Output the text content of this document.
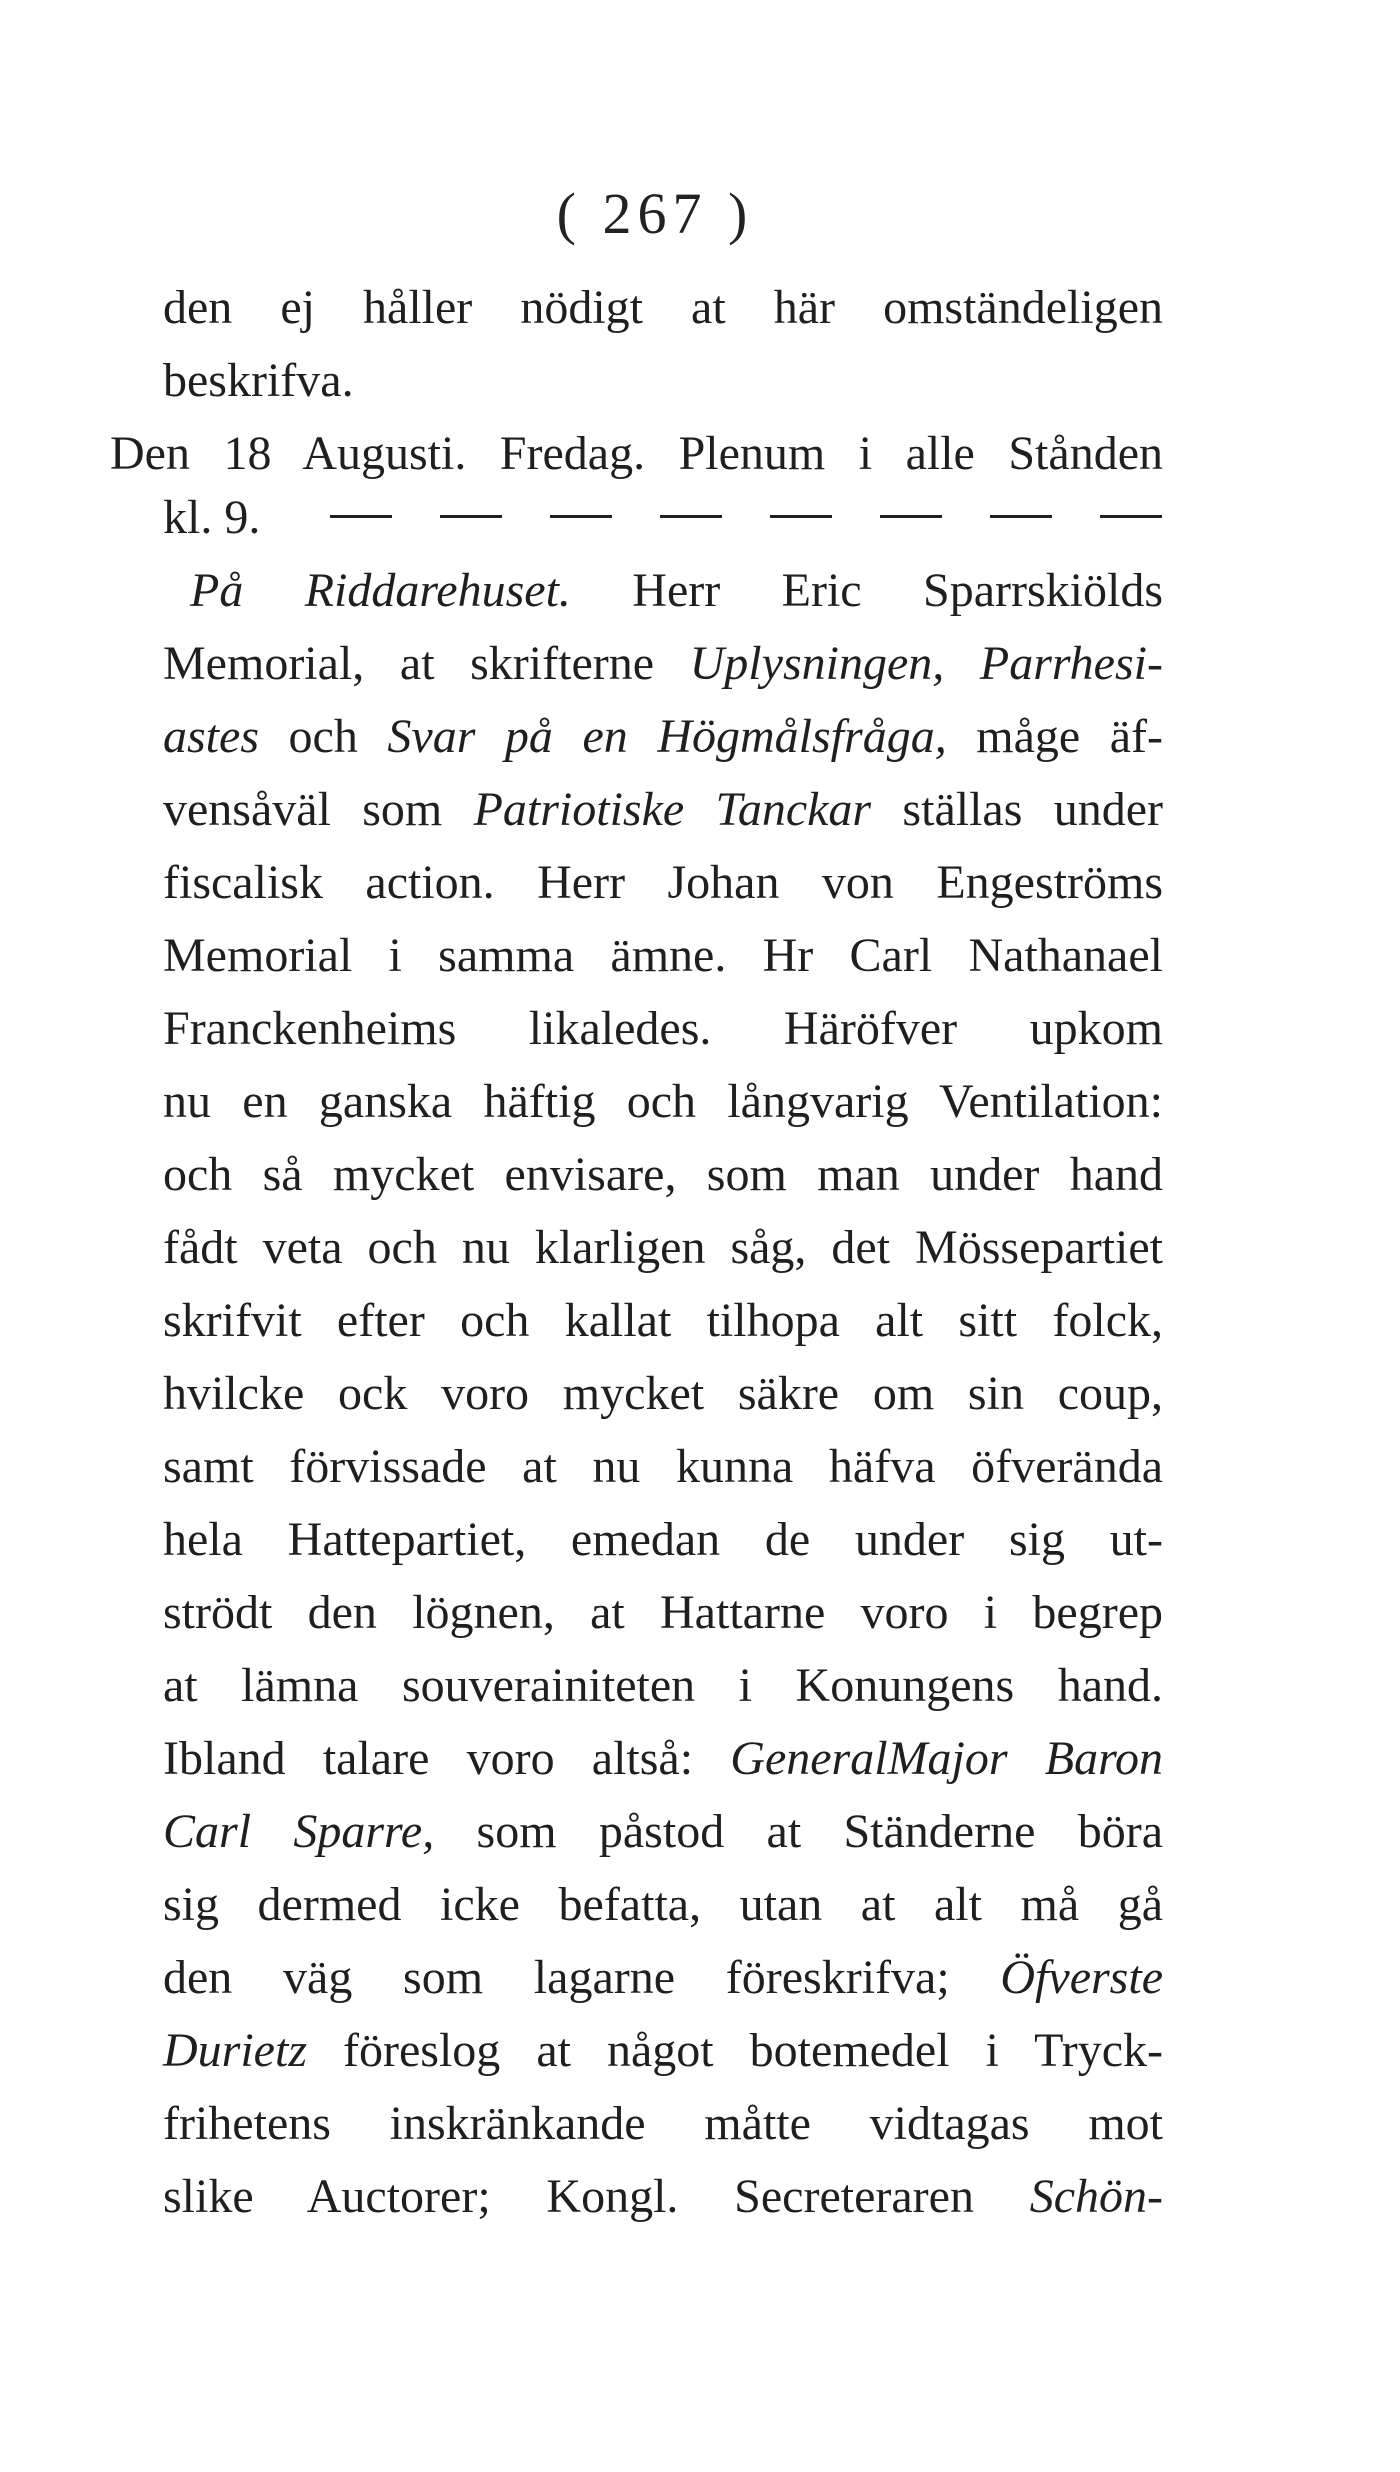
( 267 )
den ej håller nödigt at här omständeligen
beskrifva.
Den 18 Augusti. Fredag. Plenum i alle Stånden
kl. 9.
På Riddarehuset. Herr Eric Sparrskiölds
Memorial, at skrifterne Uplysningen, Parrhesi-
astes och Svar på en Högmålsfråga, måge äf-
vensåväl som Patriotiske Tanckar ställas under
fiscalisk action. Herr Johan von Engeströms
Memorial i samma ämne. Hr Carl Nathanael
Franckenheims likaledes. Häröfver upkom
nu en ganska häftig och långvarig Ventilation:
och så mycket envisare, som man under hand
fådt veta och nu klarligen såg, det Mössepartiet
skrifvit efter och kallat tilhopa alt sitt folck,
hvilcke ock voro mycket säkre om sin coup,
samt förvissade at nu kunna häfva öfverända
hela Hattepartiet, emedan de under sig ut-
strödt den lögnen, at Hattarne voro i begrep
at lämna souverainiteten i Konungens hand.
Ibland talare voro altså: GeneralMajor Baron
Carl Sparre, som påstod at Ständerne böra
sig dermed icke befatta, utan at alt må gå
den väg som lagarne föreskrifva; Öfverste
Durietz föreslog at något botemedel i Tryck-
frihetens inskränkande måtte vidtagas mot
slike Auctorer; Kongl. Secreteraren Schön-
